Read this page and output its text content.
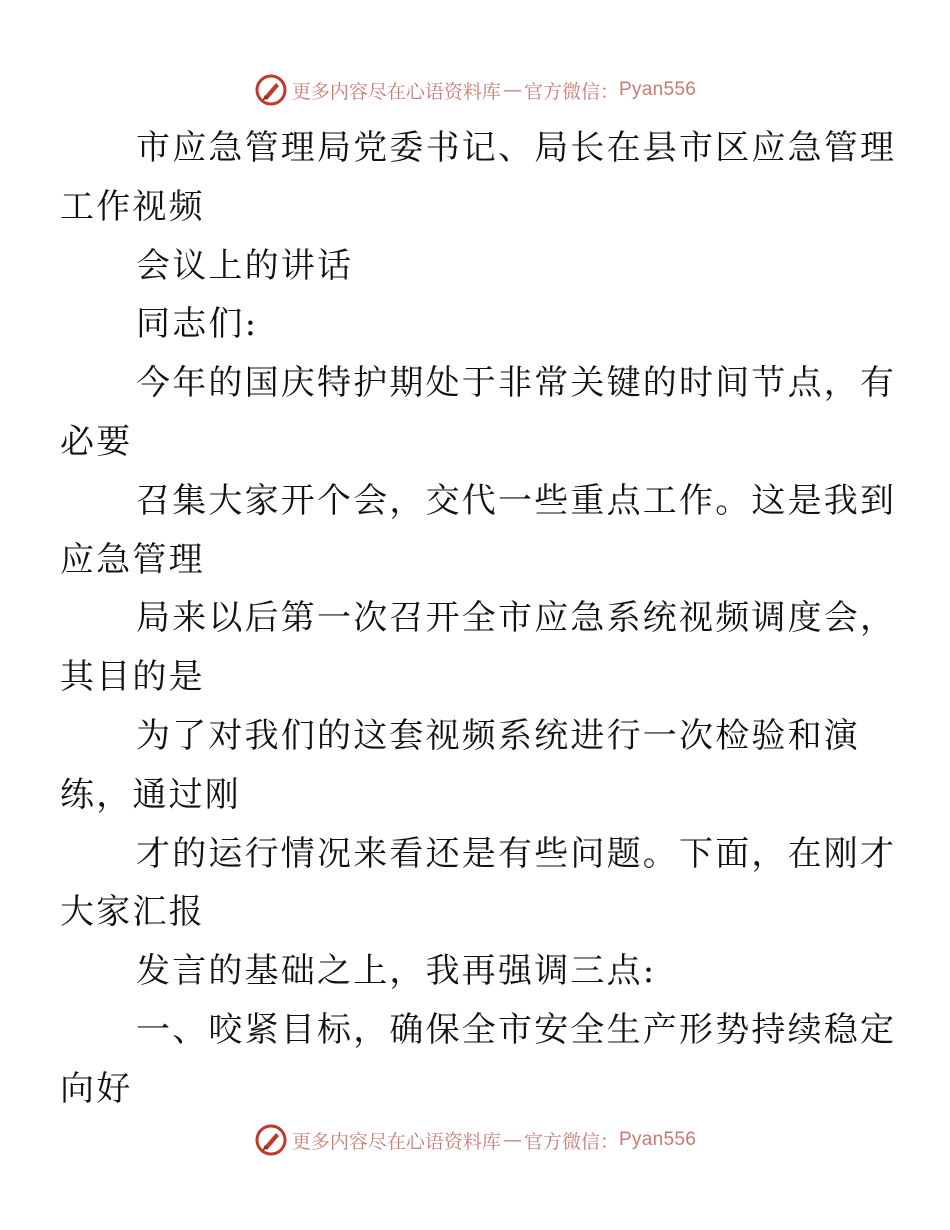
更多内容尽在心语资料库 — 官方微信： Pyan556

市应急管理局党委书记、局长在县市区应急管理
工作视频

会议上的讲话

同志们:

今年的国庆特护期处于非常关键的时间节点，有
必要

召集大家开个会，交代一些重点工作。这是我到
应急管理

局来以后第一次召开全市应急系统视频调度会，
其目的是

为了对我们的这套视频系统进行一次检验和演
练，通过刚

才的运行情况来看还是有些问题。下面，在刚才
大家汇报

发言的基础之上，我再强调三点:

一、咬紧目标，确保全市安全生产形势持续稳定
向好

更多内容尽在心语资料库 — 官方微信： Pyan556
